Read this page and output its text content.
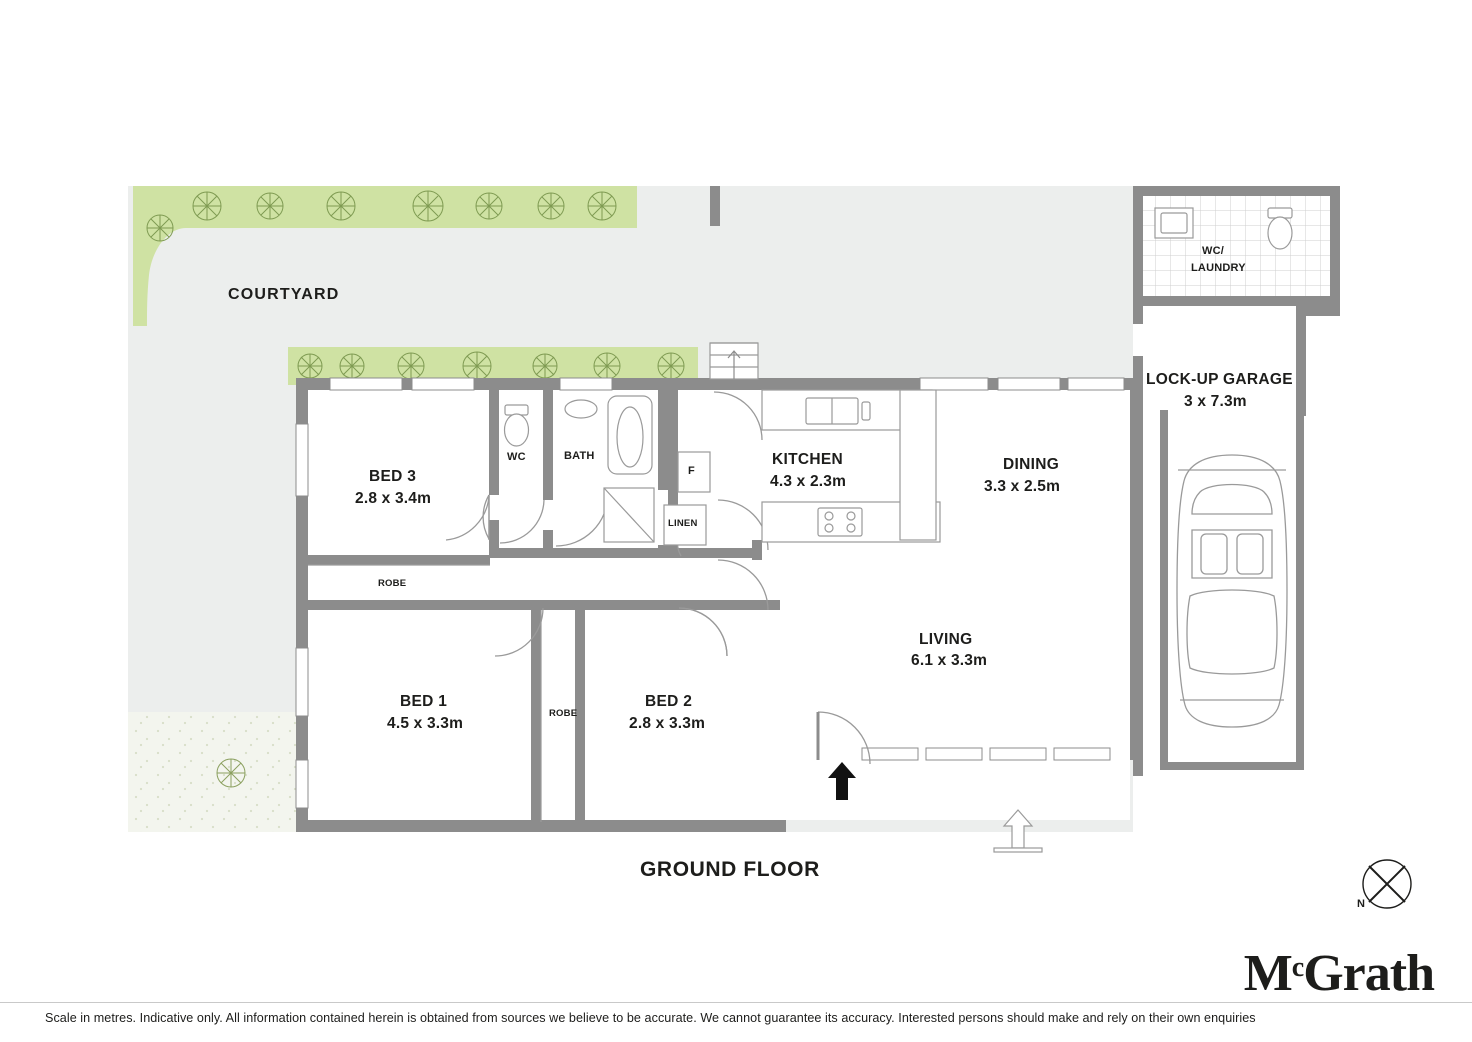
COURTYARD
WC/
LAUNDRY
LOCK-UP GARAGE
3 x 7.3m
BED 3
2.8 x 3.4m
BED 1
4.5 x 3.3m
BED 2
2.8 x 3.3m
KITCHEN
4.3 x 2.3m
DINING
3.3 x 2.5m
LIVING
6.1 x 3.3m
BATH
WC
LINEN
F
ROBE
ROBE
GROUND FLOOR
N
$M^cGrath$
Scale in metres. Indicative only. All information contained herein is obtained from sources we believe to be accurate. We cannot guarantee its accuracy. Interested persons should make and rely on their own enquiries
